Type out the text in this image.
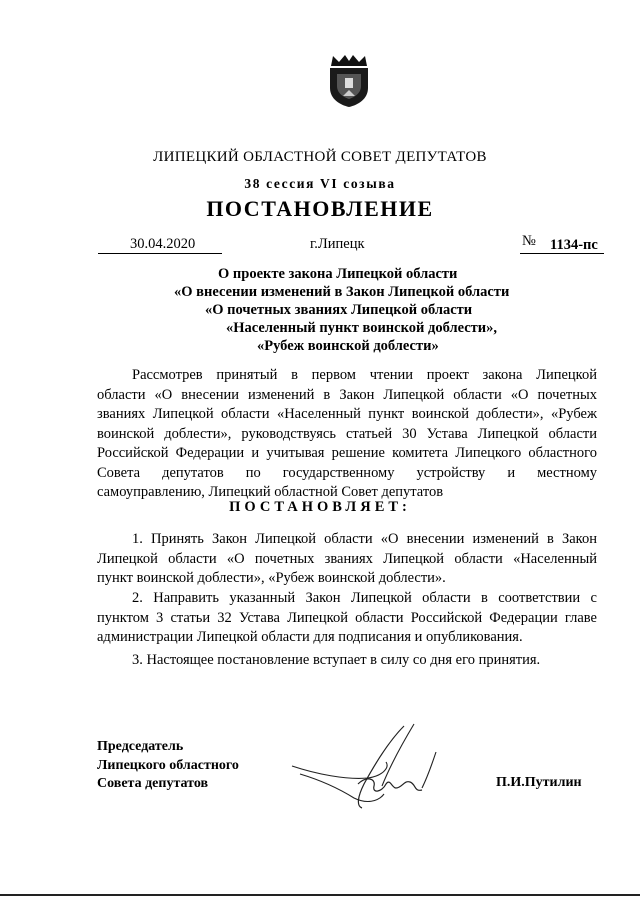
ЛИПЕЦКИЙ ОБЛАСТНОЙ СОВЕТ ДЕПУТАТОВ
38 сессия VI созыва
ПОСТАНОВЛЕНИЕ
30.04.2020	г.Липецк	№ 1134-пс
О проекте закона Липецкой области
«О внесении изменений в Закон Липецкой области
«О почетных званиях Липецкой области
«Населенный пункт воинской доблести»,
«Рубеж воинской доблести»
Рассмотрев принятый в первом чтении проект закона Липецкой
области «О внесении изменений в Закон Липецкой области «О почетных
званиях Липецкой области «Населенный пункт воинской доблести», «Рубеж
воинской доблести», руководствуясь статьей 30 Устава Липецкой области
Российской Федерации и учитывая решение комитета Липецкого областного
Совета депутатов по государственному устройству и местному
самоуправлению, Липецкий областной Совет депутатов
ПОСТАНОВЛЯЕТ:
1. Принять Закон Липецкой области «О внесении изменений в Закон
Липецкой области «О почетных званиях Липецкой области «Населенный
пункт воинской доблести», «Рубеж воинской доблести».
2. Направить указанный Закон Липецкой области в соответствии с
пунктом 3 статьи 32 Устава Липецкой области Российской Федерации главе
администрации Липецкой области для подписания и опубликования.
3. Настоящее постановление вступает в силу со дня его принятия.
Председатель
Липецкого областного
Совета депутатов	П.И.Путилин
